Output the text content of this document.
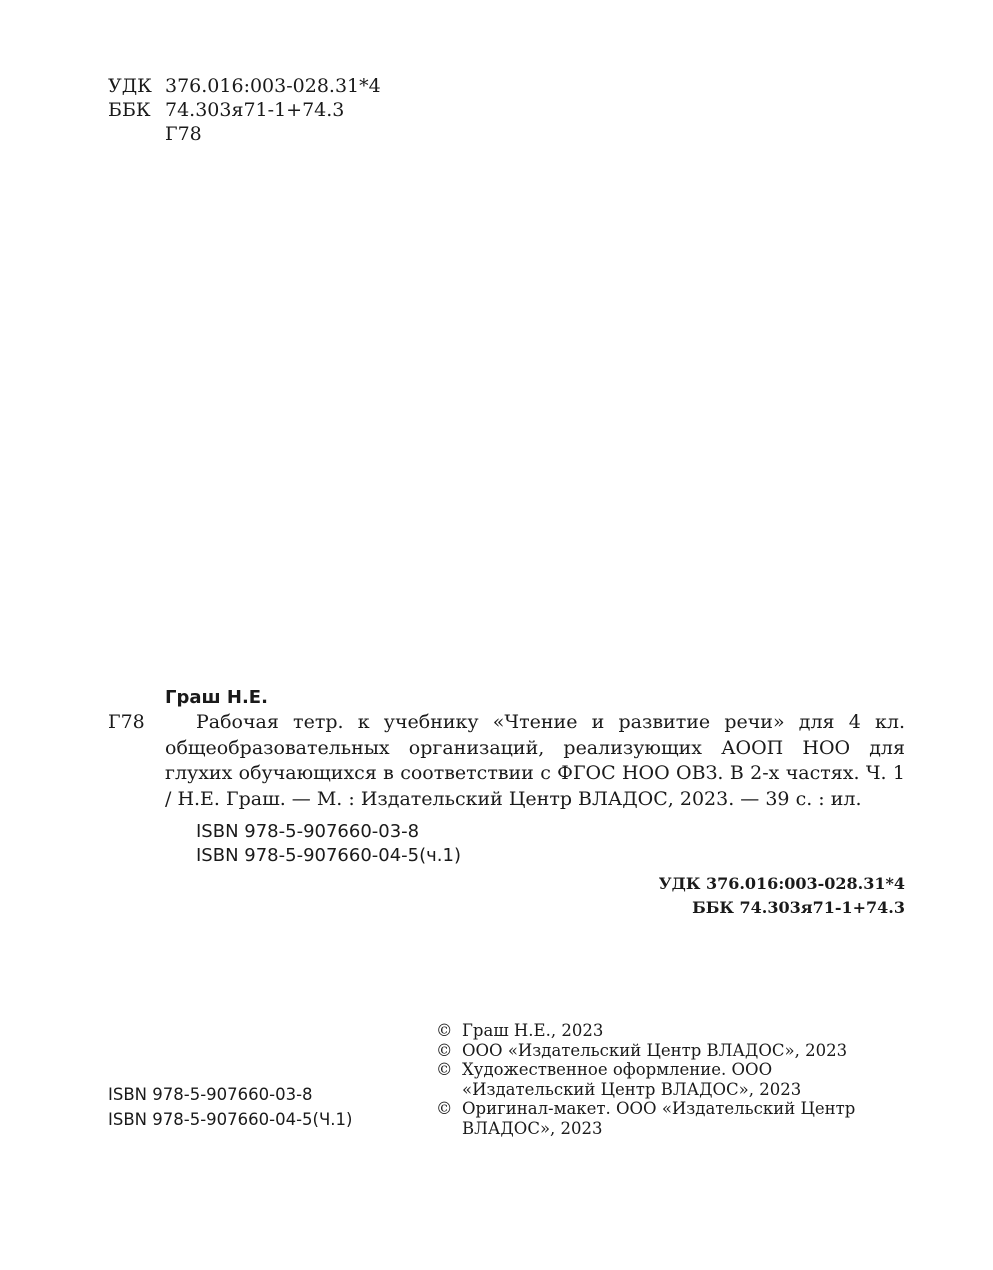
УДК 376.016:003-028.31*4
ББК 74.303я71-1+74.3
Г78
Граш Н.Е.
Г78	Рабочая тетр. к учебнику «Чтение и развитие речи» для 4 кл. общеобразовательных организаций, реализующих АООП НОО для глухих обучающихся в соответствии с ФГОС НОО ОВЗ. В 2-х частях. Ч. 1 / Н.Е. Граш. — М. : Издательский Центр ВЛАДОС, 2023. — 39 с. : ил.

ISBN 978-5-907660-03-8
ISBN 978-5-907660-04-5(ч.1)
УДК 376.016:003-028.31*4
ББК 74.303я71-1+74.3
ISBN 978-5-907660-03-8
ISBN 978-5-907660-04-5(Ч.1)
© Граш Н.Е., 2023
© ООО «Издательский Центр ВЛАДОС», 2023
© Художественное оформление. ООО «Издательский Центр ВЛАДОС», 2023
© Оригинал-макет. ООО «Издательский Центр ВЛАДОС», 2023
